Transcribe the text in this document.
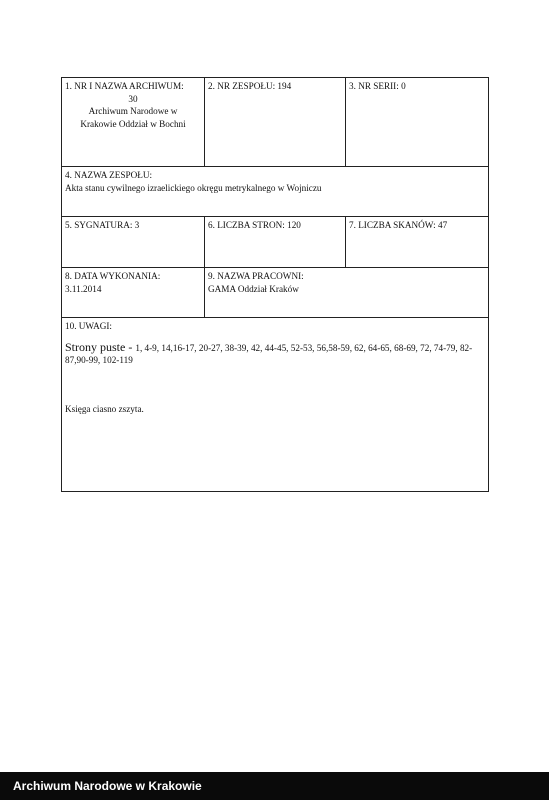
1. NR I NAZWA ARCHIWUM:
30
Archiwum Narodowe w
Krakowie Oddział w Bochni
2. NR ZESPOŁU: 194	3. NR SERII: 0
4. NAZWA ZESPOŁU:
Akta stanu cywilnego izraelickiego okręgu metrykalnego w Wojniczu
5. SYGNATURA: 3	6. LICZBA STRON: 120	7. LICZBA SKANÓW: 47
8. DATA WYKONANIA:
3.11.2014
9. NAZWA PRACOWNI:
GAMA Oddział Kraków
10. UWAGI:
Strony puste - 1, 4-9, 14,16-17, 20-27, 38-39, 42, 44-45, 52-53, 56,58-59, 62, 64-65, 68-69, 72, 74-79, 82-
87,90-99, 102-119
Księga ciasno zszyta.
Archiwum Narodowe w Krakowie
